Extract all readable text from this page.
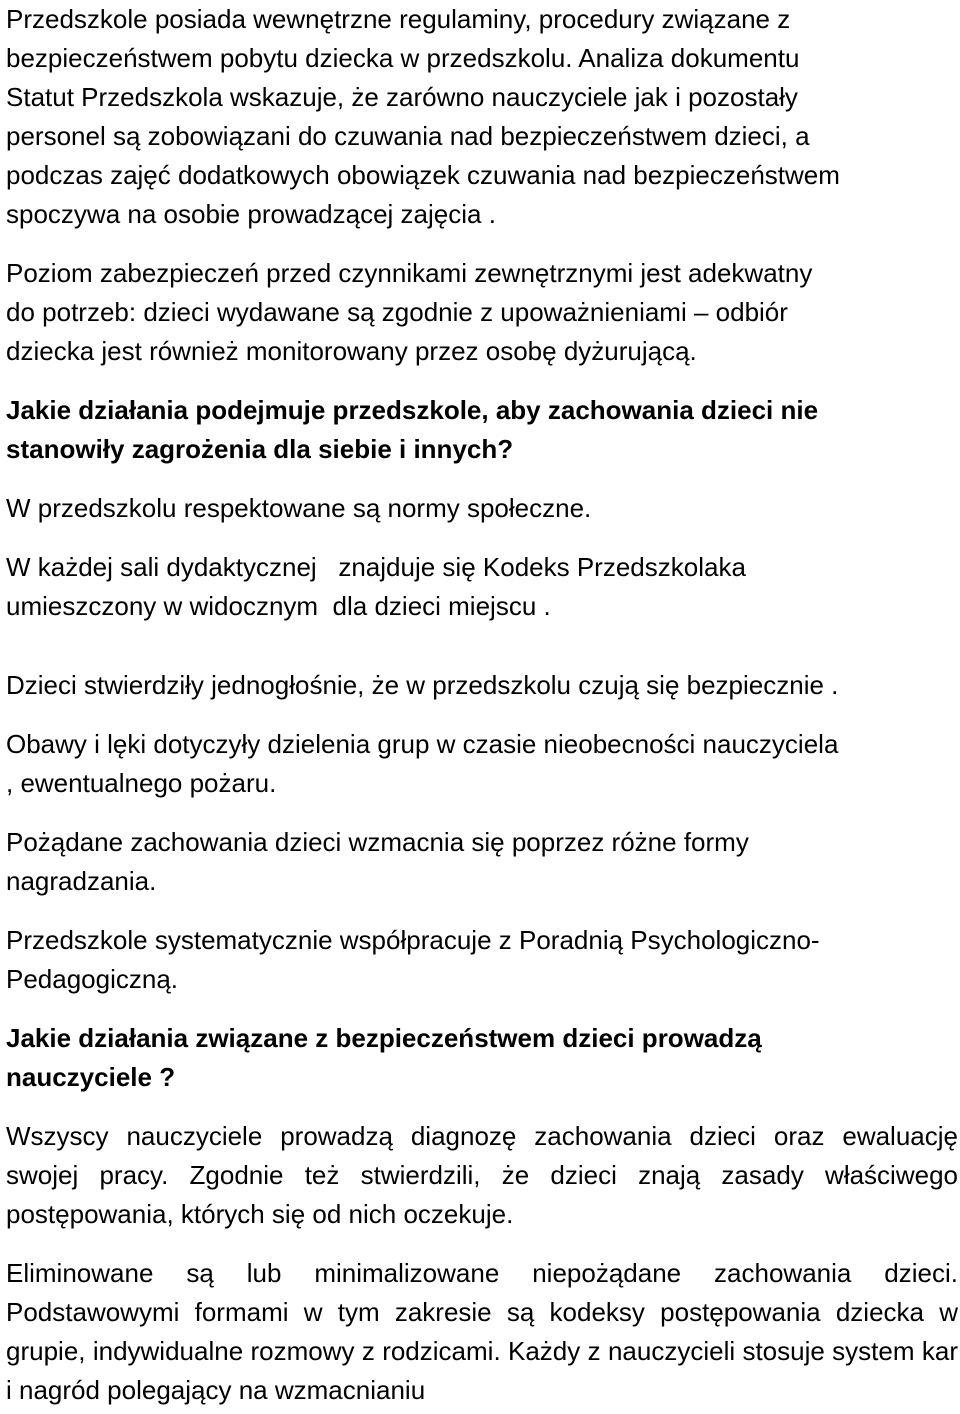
Przedszkole posiada wewnętrzne regulaminy, procedury związane z
bezpieczeństwem pobytu dziecka w przedszkolu. Analiza dokumentu
Statut Przedszkola wskazuje, że zarówno nauczyciele jak i pozostały
personel są zobowiązani do czuwania nad bezpieczeństwem dzieci, a
podczas zajęć dodatkowych obowiązek czuwania nad bezpieczeństwem
spoczywa na osobie prowadzącej zajęcia .

Poziom zabezpieczeń przed czynnikami zewnętrznymi jest adekwatny
do potrzeb: dzieci wydawane są zgodnie z upoważnieniami – odbiór
dziecka jest również monitorowany przez osobę dyżurującą.

Jakie działania podejmuje przedszkole, aby zachowania dzieci nie
stanowiły zagrożenia dla siebie i innych?

W przedszkolu respektowane są normy społeczne.

W każdej sali dydaktycznej   znajduje się Kodeks Przedszkolaka
umieszczony w widocznym  dla dzieci miejscu .

Dzieci stwierdziły jednogłośnie, że w przedszkolu czują się bezpiecznie .

Obawy i lęki dotyczyły dzielenia grup w czasie nieobecności nauczyciela
, ewentualnego pożaru.

Pożądane zachowania dzieci wzmacnia się poprzez różne formy
nagradzania.

Przedszkole systematycznie współpracuje z Poradnią Psychologiczno-
Pedagogiczną.

Jakie działania związane z bezpieczeństwem dzieci prowadzą
nauczyciele ?

Wszyscy nauczyciele prowadzą diagnozę zachowania dzieci oraz ewaluację swojej pracy. Zgodnie też stwierdzili, że dzieci znają zasady właściwego postępowania, których się od nich oczekuje.

Eliminowane są lub minimalizowane niepożądane zachowania dzieci. Podstawowymi formami w tym zakresie są kodeksy postępowania dziecka w grupie, indywidualne rozmowy z rodzicami. Każdy z nauczycieli stosuje system kar i nagród polegający na wzmacnianiu
